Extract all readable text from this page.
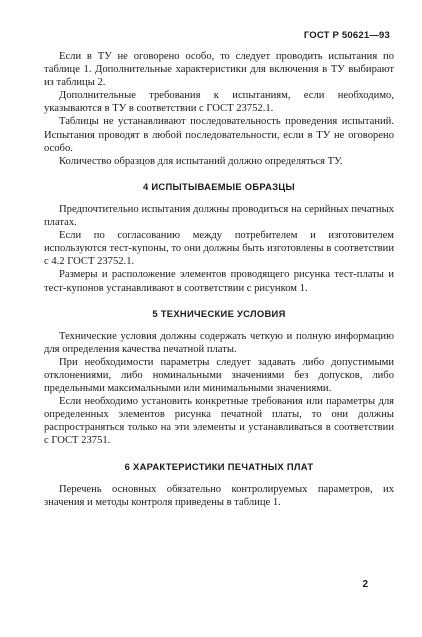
ГОСТ Р 50621—93

Если в ТУ не оговорено особо, то следует проводить испытания по таблице 1. Дополнительные характеристики для включения в ТУ выбирают из таблицы 2.

Дополнительные требования к испытаниям, если необходимо, указываются в ТУ в соответствии с ГОСТ 23752.1.

Таблицы не устанавливают последовательность проведения испытаний. Испытания проводят в любой последовательности, если в ТУ не оговорено особо.

Количество образцов для испытаний должно определяться ТУ.

4 ИСПЫТЫВАЕМЫЕ ОБРАЗЦЫ

Предпочтительно испытания должны проводиться на серийных печатных платах.

Если по согласованию между потребителем и изготовителем используются тест-купоны, то они должны быть изготовлены в соответствии с 4.2 ГОСТ 23752.1.

Размеры и расположение элементов проводящего рисунка тест-платы и тест-купонов устанавливают в соответствии с рисунком 1.

5 ТЕХНИЧЕСКИЕ УСЛОВИЯ

Технические условия должны содержать четкую и полную информацию для определения качества печатной платы.

При необходимости параметры следует задавать либо допустимыми отклонениями, либо номинальными значениями без допусков, либо предельными максимальными или минимальными значениями.

Если необходимо установить конкретные требования или параметры для определенных элементов рисунка печатной платы, то они должны распространяться только на эти элементы и устанавливаться в соответствии с ГОСТ 23751.

6 ХАРАКТЕРИСТИКИ ПЕЧАТНЫХ ПЛАТ

Перечень основных обязательно контролируемых параметров, их значения и методы контроля приведены в таблице 1.

2
